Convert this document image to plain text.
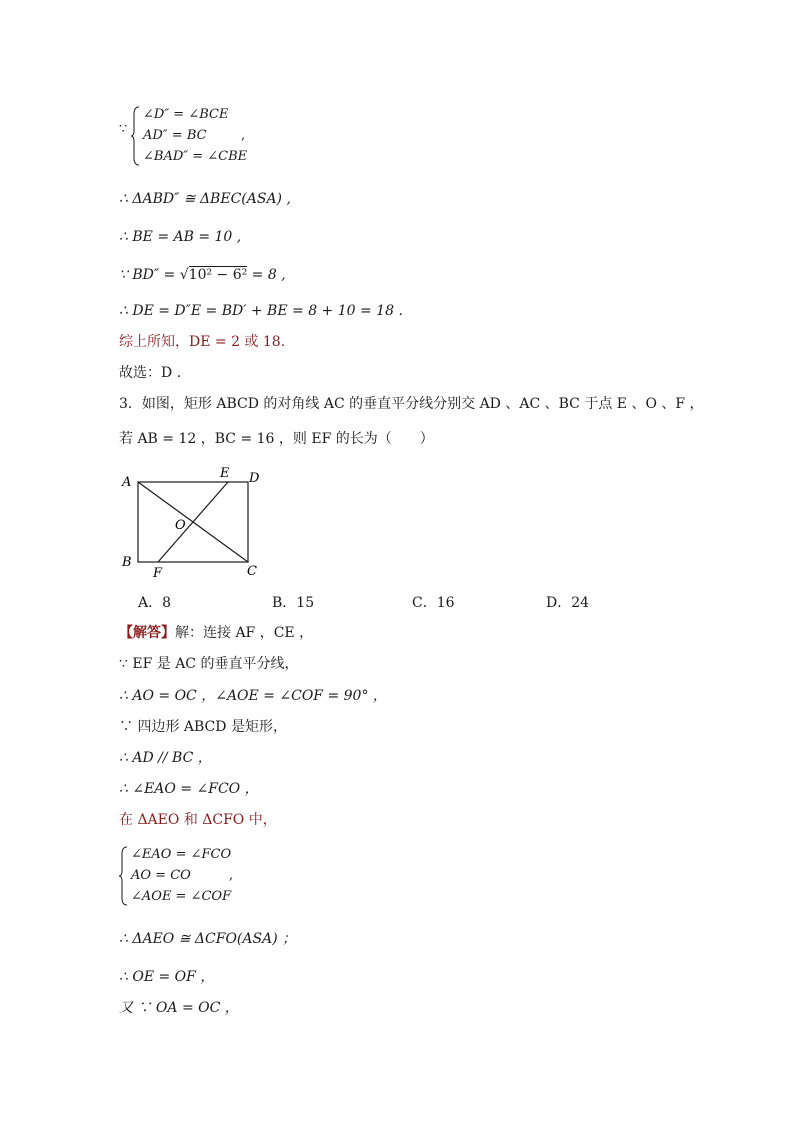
∵
∠D″ = ∠BCE
AD″ = BC
∠BAD″ = ∠CBE
,
∴ ΔABD″ ≅ ΔBEC(ASA) ,
∴ BE = AB = 10 ,
∵ BD″ = √10² − 6² = 8 ,
∴ DE = D″E = BD′ + BE = 8 + 10 = 18 .
综上所知，DE = 2 或 18.
故选：D .
3．如图，矩形 ABCD 的对角线 AC 的垂直平分线分别交 AD 、AC 、BC 于点 E 、O 、F ，
若 AB = 12 ，BC = 16 ，则 EF 的长为（　　）
A
B
C
D
E
F
O
A．8	B．15	C．16	D．24
【解答】解：连接 AF ，CE ，
∵ EF 是 AC 的垂直平分线，
∴ AO = OC ，∠AOE = ∠COF = 90° ，
∵ 四边形 ABCD 是矩形，
∴ AD // BC ，
∴ ∠EAO = ∠FCO ，
在 ΔAEO 和 ΔCFO 中，
∠EAO = ∠FCO
AO = CO
∠AOE = ∠COF
,
∴ ΔAEO ≅ ΔCFO(ASA) ；
∴ OE = OF ，
又 ∵ OA = OC ，
